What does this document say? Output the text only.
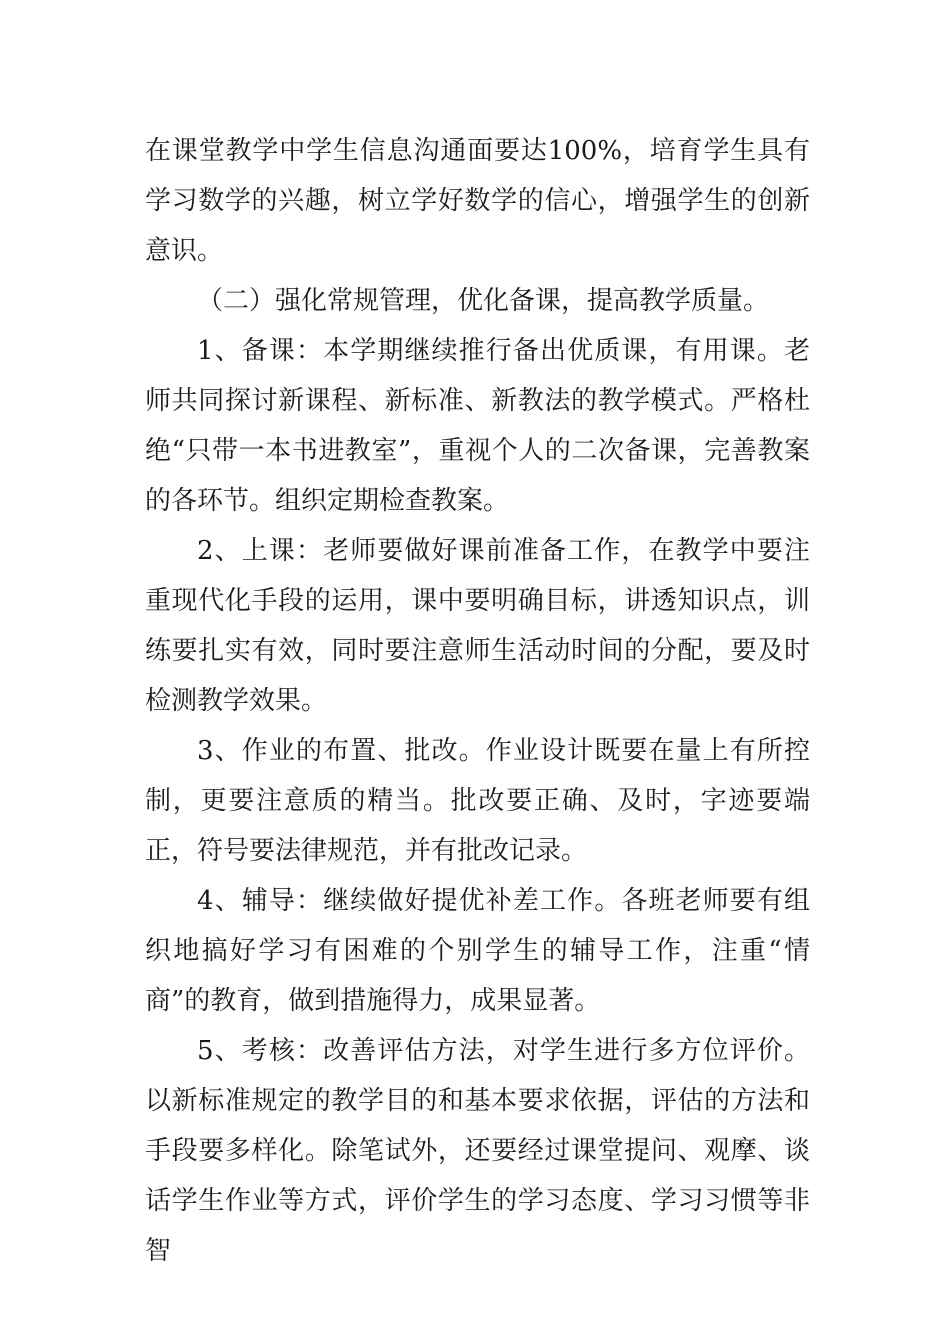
在课堂教学中学生信息沟通面要达100%，培育学生具有学习数学的兴趣，树立学好数学的信心，增强学生的创新意识。

（二）强化常规管理，优化备课，提高教学质量。

1、备课：本学期继续推行备出优质课，有用课。老师共同探讨新课程、新标准、新教法的教学模式。严格杜绝“只带一本书进教室”，重视个人的二次备课，完善教案的各环节。组织定期检查教案。

2、上课：老师要做好课前准备工作，在教学中要注重现代化手段的运用，课中要明确目标，讲透知识点，训练要扎实有效，同时要注意师生活动时间的分配，要及时检测教学效果。

3、作业的布置、批改。作业设计既要在量上有所控制，更要注意质的精当。批改要正确、及时，字迹要端正，符号要法律规范，并有批改记录。

4、辅导：继续做好提优补差工作。各班老师要有组织地搞好学习有困难的个别学生的辅导工作，注重“情商”的教育，做到措施得力，成果显著。

5、考核：改善评估方法，对学生进行多方位评价。以新标准规定的教学目的和基本要求依据，评估的方法和手段要多样化。除笔试外，还要经过课堂提问、观摩、谈话学生作业等方式，评价学生的学习态度、学习习惯等非智
